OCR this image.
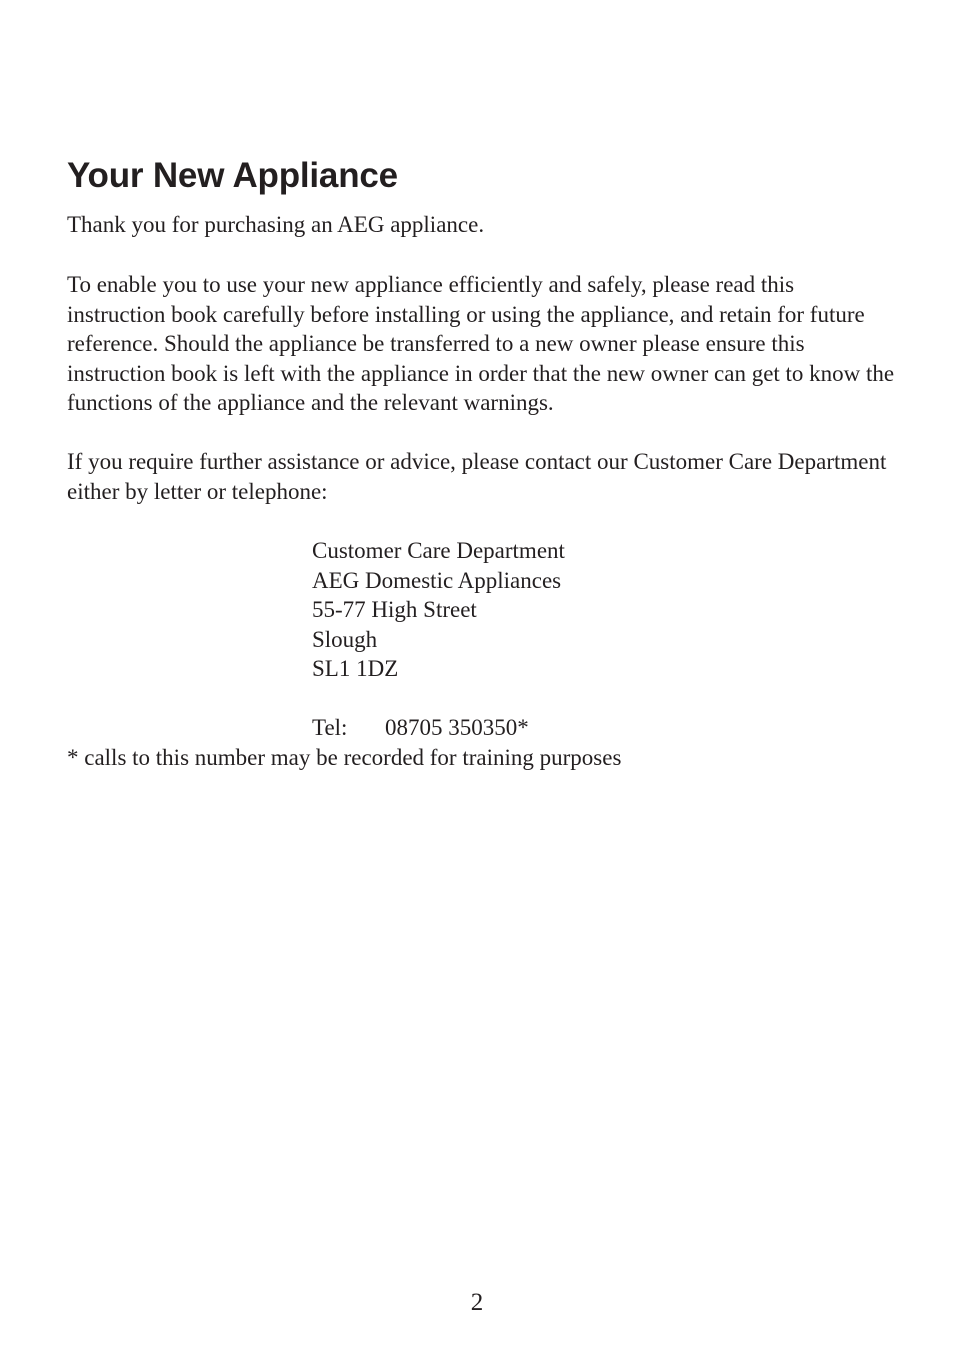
Your New Appliance

Thank you for purchasing an AEG appliance.

To enable you to use your new appliance efficiently and safely, please read this instruction book carefully before installing or using the appliance, and retain for future reference. Should the appliance be transferred to a new owner please ensure this instruction book is left with the appliance in order that the new owner can get to know the functions of the appliance and the relevant warnings.

If you require further assistance or advice, please contact our Customer Care Department either by letter or telephone:

Customer Care Department
AEG Domestic Appliances
55-77 High Street
Slough
SL1 1DZ
Tel: 08705 350350*
* calls to this number may be recorded for training purposes
2
